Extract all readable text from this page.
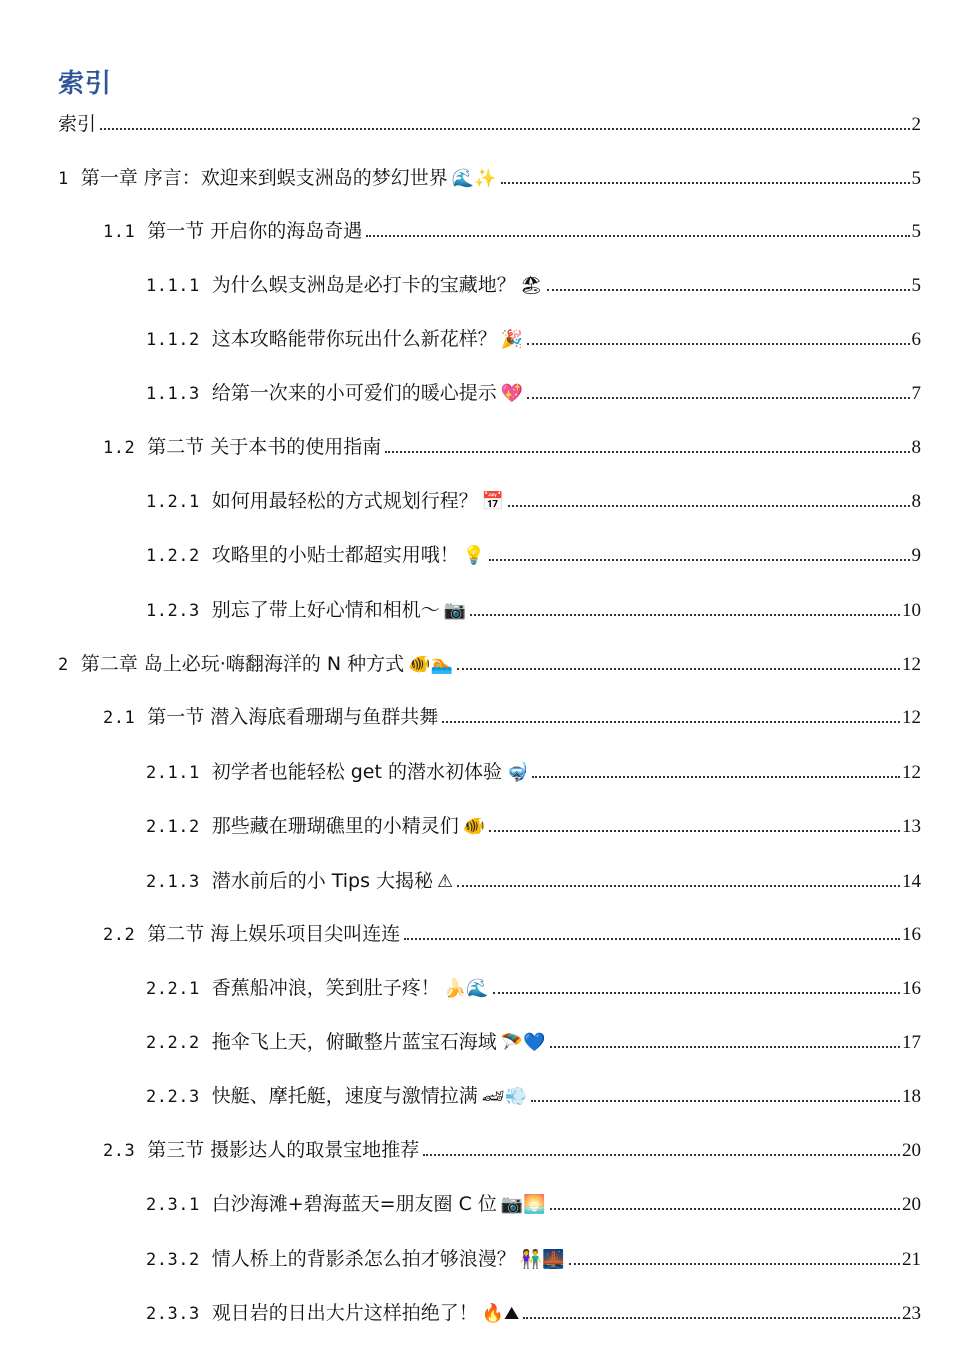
索引
索引	2
1 第一章 序言：欢迎来到蜈支洲岛的梦幻世界 🌊✨	5
1.1 第一节 开启你的海岛奇遇	5
1.1.1 为什么蜈支洲岛是必打卡的宝藏地？ 🏖	5
1.1.2 这本攻略能带你玩出什么新花样？ 🎉	6
1.1.3 给第一次来的小可爱们的暖心提示 💖	7
1.2 第二节 关于本书的使用指南	8
1.2.1 如何用最轻松的方式规划行程？ 📅	8
1.2.2 攻略里的小贴士都超实用哦！ 💡	9
1.2.3 别忘了带上好心情和相机～ 📷	10
2 第二章 岛上必玩·嗨翻海洋的 N 种方式 🐠🏊	12
2.1 第一节 潜入海底看珊瑚与鱼群共舞	12
2.1.1 初学者也能轻松 get 的潜水初体验 🤿	12
2.1.2 那些藏在珊瑚礁里的小精灵们 🐠	13
2.1.3 潜水前后的小 Tips 大揭秘 ⚠	14
2.2 第二节 海上娱乐项目尖叫连连	16
2.2.1 香蕉船冲浪，笑到肚子疼！ 🍌🌊	16
2.2.2 拖伞飞上天，俯瞰整片蓝宝石海域 🪂💙	17
2.2.3 快艇、摩托艇，速度与激情拉满 🏎💨	18
2.3 第三节 摄影达人的取景宝地推荐	20
2.3.1 白沙海滩+碧海蓝天=朋友圈 C 位 📷🌅	20
2.3.2 情人桥上的背影杀怎么拍才够浪漫？ 👫🌉	21
2.3.3 观日岩的日出大片这样拍绝了！ 🔥⛰	23
